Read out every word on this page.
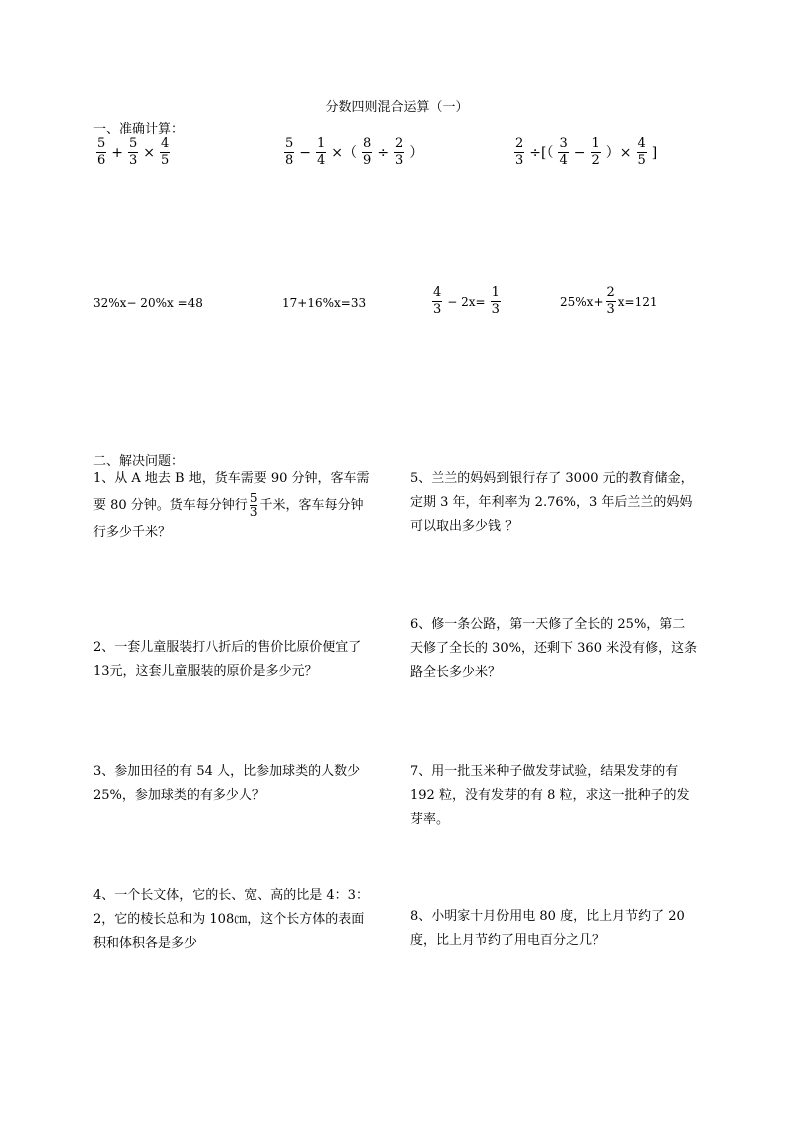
分数四则混合运算（一）
一、准确计算：
$\frac{5}{6} + \frac{5}{3} \times \frac{4}{5}$	$\frac{5}{8} - \frac{1}{4}$ ×（ $\frac{8}{9} \div \frac{2}{3}$ ）	$\frac{2}{3}$ ÷[（ $\frac{3}{4} - \frac{1}{2}$ ）× $\frac{4}{5}$ ]
32%x− 20%x =48	17+16%x=33	$\frac{4}{3} - 2x= \frac{1}{3}$	$25\%x+ \frac{2}{3} x=121$
二、解决问题：
1、从 A 地去 B 地，货车需要 90 分钟，客车需
要 80 分钟。货车每分钟行 $\frac{5}{3}$ 千米，客车每分钟
行多少千米？
2、一套儿童服装打八折后的售价比原价便宜了
13元，这套儿童服装的原价是多少元？
3、参加田径的有 54 人，比参加球类的人数少
25%，参加球类的有多少人？
4、一个长文体，它的长、宽、高的比是 4：3：
2，它的棱长总和为 108㎝，这个长方体的表面
积和体积各是多少
5、兰兰的妈妈到银行存了 3000 元的教育储金，
定期 3 年，年利率为 2.76%，3 年后兰兰的妈妈
可以取出多少钱 ？
6、修一条公路，第一天修了全长的 25%，第二
天修了全长的 30%，还剩下 360 米没有修，这条
路全长多少米？
7、用一批玉米种子做发芽试验，结果发芽的有
192 粒，没有发芽的有 8 粒，求这一批种子的发
芽率。
8、小明家十月份用电 80 度，比上月节约了 20
度，比上月节约了用电百分之几？
